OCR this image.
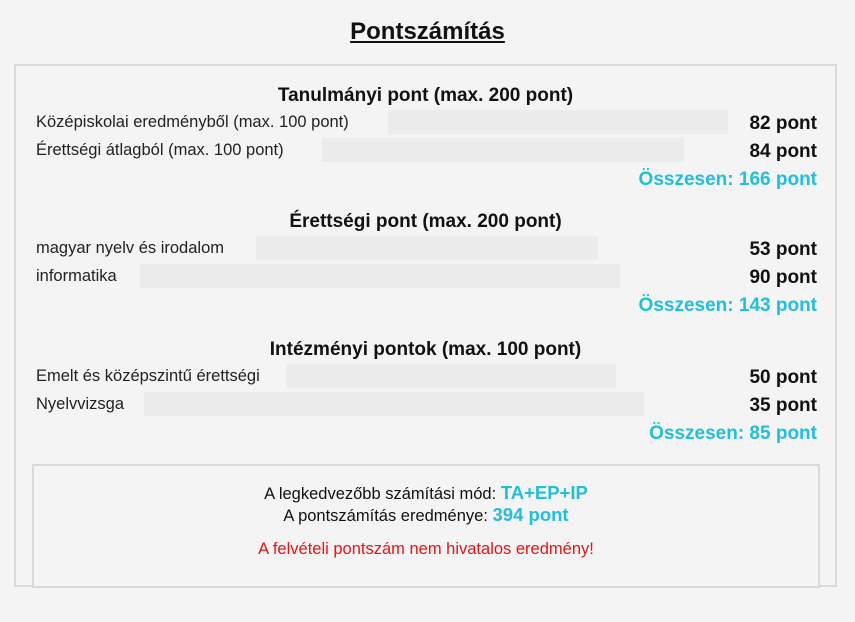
Pontszámítás
Tanulmányi pont (max. 200 pont)
Középiskolai eredményből (max. 100 pont)	82 pont
Érettségi átlagból (max. 100 pont)	84 pont
Összesen: 166 pont
Érettségi pont (max. 200 pont)
magyar nyelv és irodalom	53 pont
informatika	90 pont
Összesen: 143 pont
Intézményi pontok (max. 100 pont)
Emelt és középszintű érettségi	50 pont
Nyelvvizsga	35 pont
Összesen: 85 pont
A legkedvezőbb számítási mód: TA+EP+IP
A pontszámítás eredménye: 394 pont
A felvételi pontszám nem hivatalos eredmény!
